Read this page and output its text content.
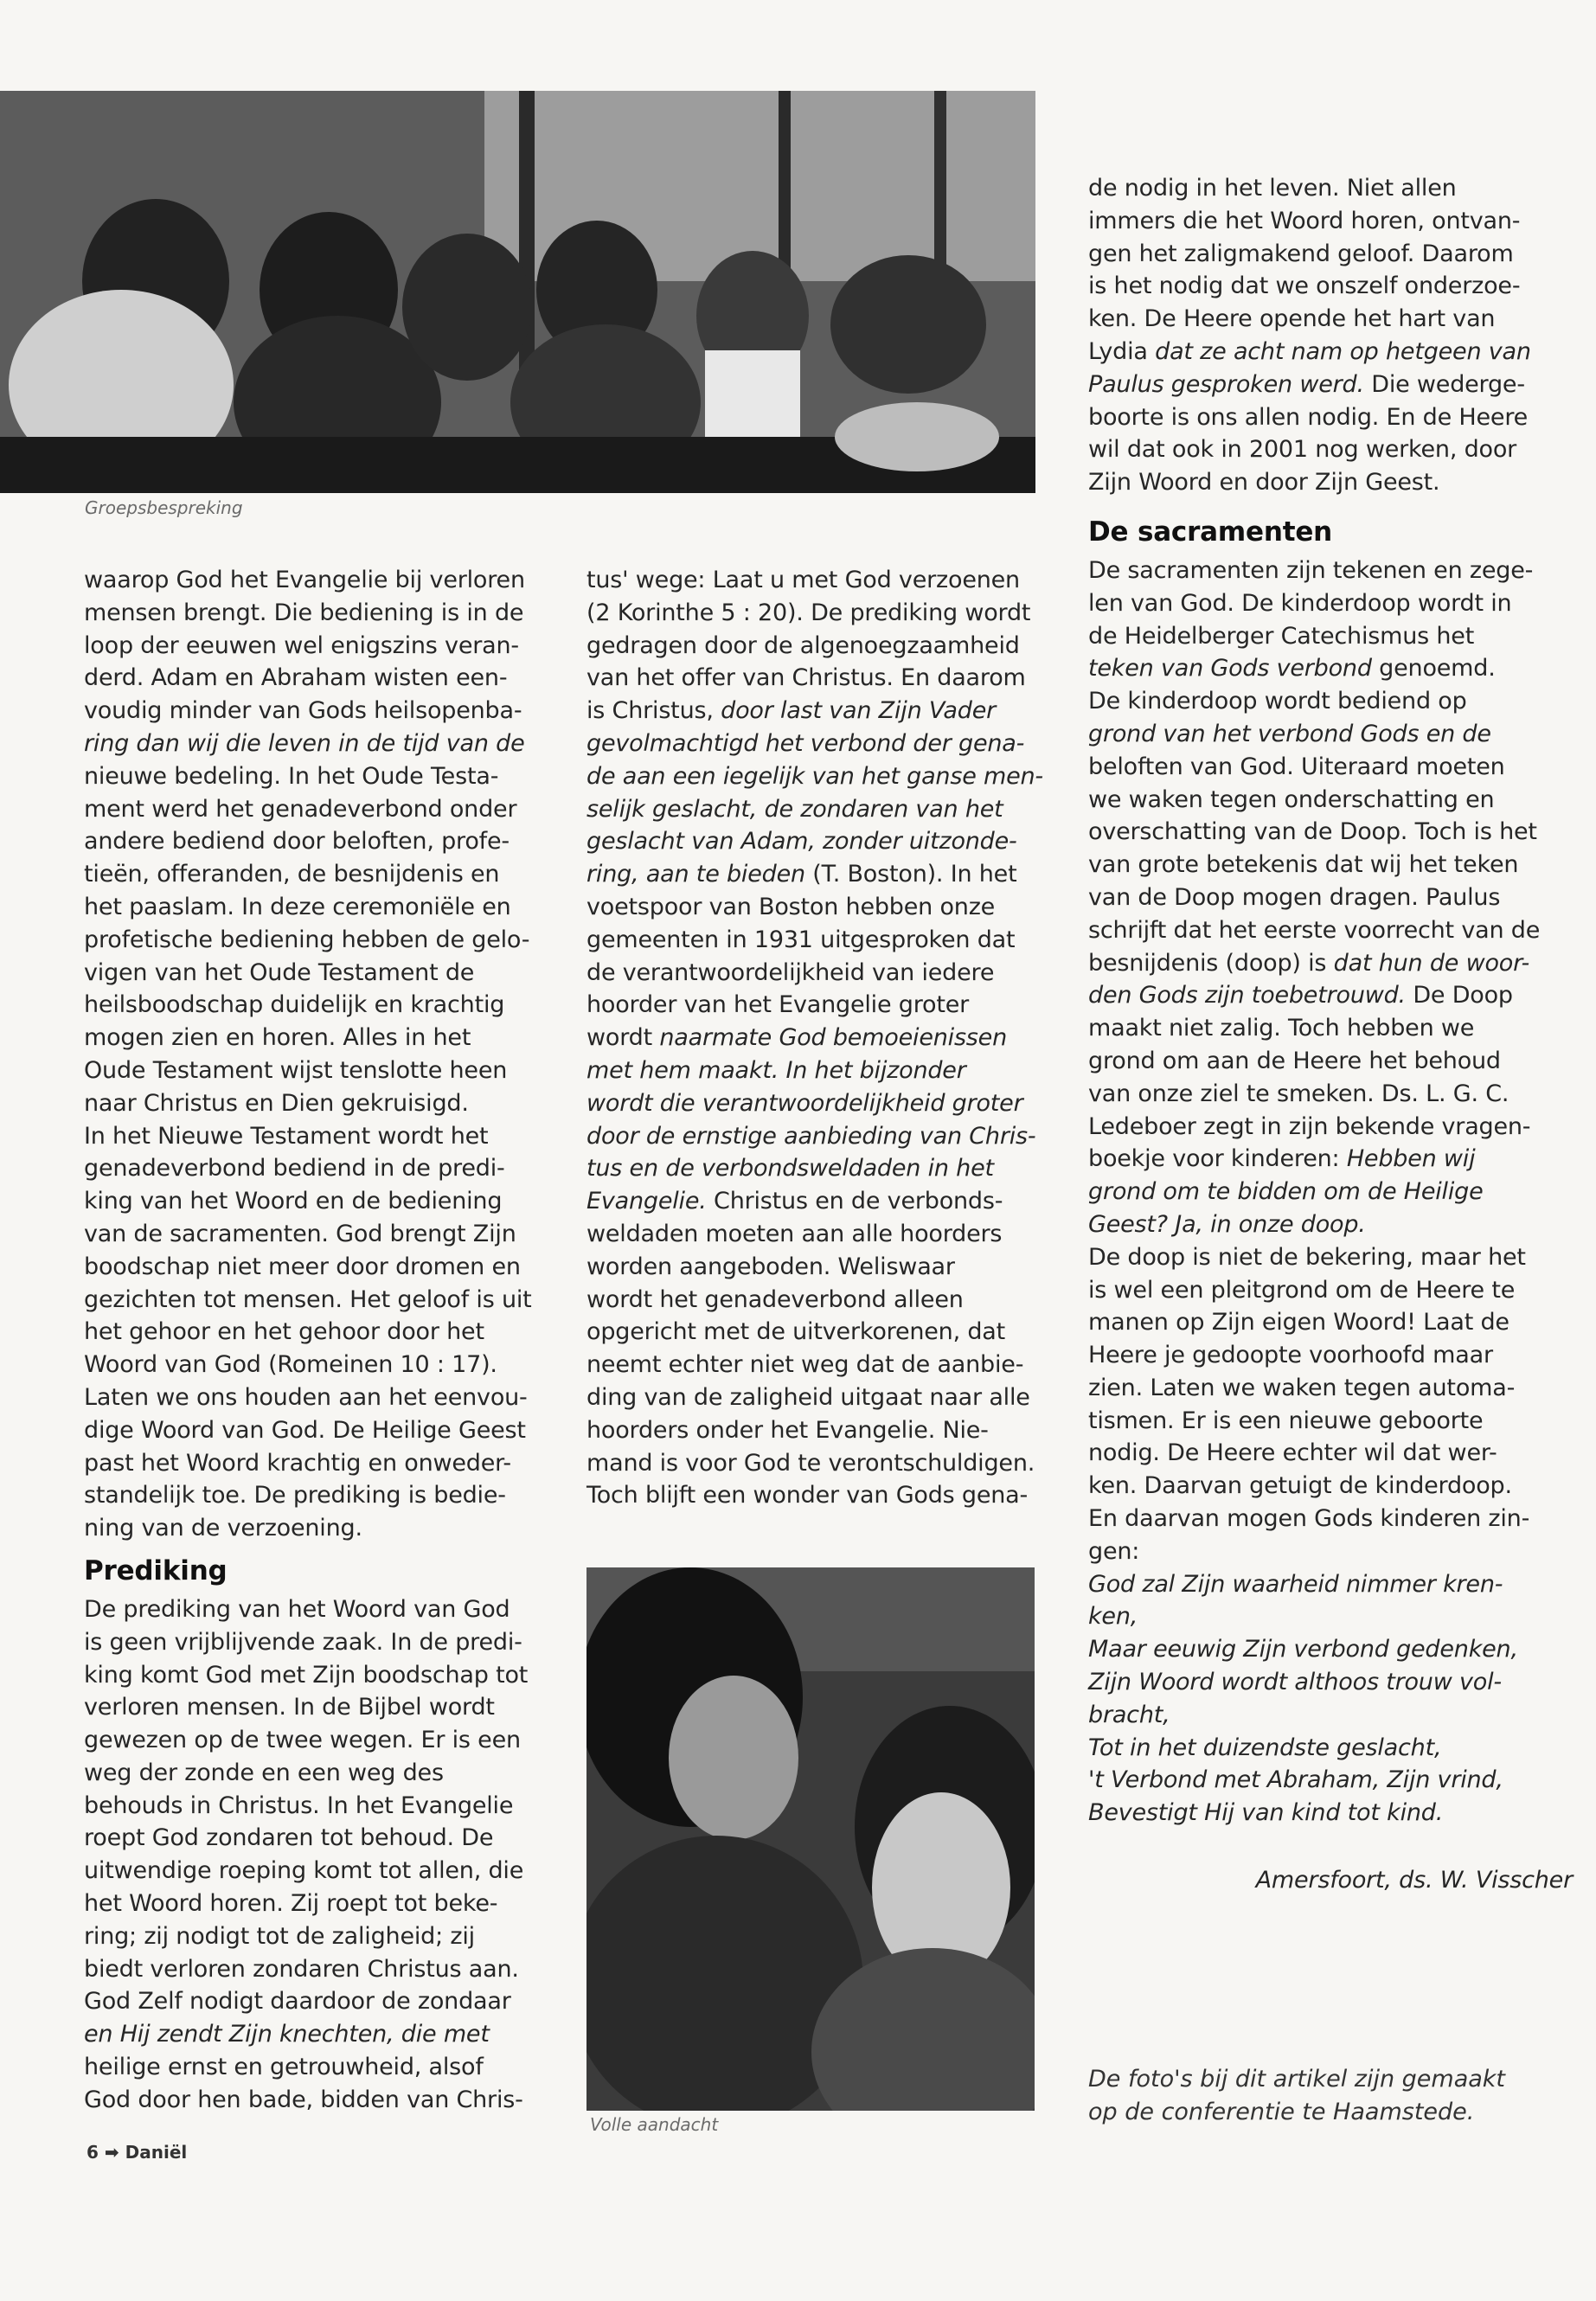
Groepsbespreking
Volle aandacht

waarop God het Evangelie bij verloren

mensen brengt. Die bediening is in de

loop der eeuwen wel enigszins veran-

derd. Adam en Abraham wisten een-

voudig minder van Gods heilsopenba-

ring dan wij die leven in de tijd van de

nieuwe bedeling. In het Oude Testa-

ment werd het genadeverbond onder

andere bediend door beloften, profe-

tieën, offeranden, de besnijdenis en

het paaslam. In deze ceremoniële en

profetische bediening hebben de gelo-

vigen van het Oude Testament de

heilsboodschap duidelijk en krachtig

mogen zien en horen. Alles in het

Oude Testament wijst tenslotte heen

naar Christus en Dien gekruisigd.

In het Nieuwe Testament wordt het

genadeverbond bediend in de predi-

king van het Woord en de bediening

van de sacramenten. God brengt Zijn

boodschap niet meer door dromen en

gezichten tot mensen. Het geloof is uit

het gehoor en het gehoor door het

Woord van God (Romeinen 10 : 17).

Laten we ons houden aan het eenvou-

dige Woord van God. De Heilige Geest

past het Woord krachtig en onweder-

standelijk toe. De prediking is bedie-

ning van de verzoening.

Prediking

De prediking van het Woord van God

is geen vrijblijvende zaak. In de predi-

king komt God met Zijn boodschap tot

verloren mensen. In de Bijbel wordt

gewezen op de twee wegen. Er is een

weg der zonde en een weg des

behouds in Christus. In het Evangelie

roept God zondaren tot behoud. De

uitwendige roeping komt tot allen, die

het Woord horen. Zij roept tot beke-

ring; zij nodigt tot de zaligheid; zij

biedt verloren zondaren Christus aan.

God Zelf nodigt daardoor de zondaar

en Hij zendt Zijn knechten, die met

heilige ernst en getrouwheid, alsof

God door hen bade, bidden van Chris-

tus' wege: Laat u met God verzoenen

(2 Korinthe 5 : 20). De prediking wordt

gedragen door de algenoegzaamheid

van het offer van Christus. En daarom

is Christus, door last van Zijn Vader

gevolmachtigd het verbond der gena-

de aan een iegelijk van het ganse men-

selijk geslacht, de zondaren van het

geslacht van Adam, zonder uitzonde-

ring, aan te bieden (T. Boston). In het

voetspoor van Boston hebben onze

gemeenten in 1931 uitgesproken dat

de verantwoordelijkheid van iedere

hoorder van het Evangelie groter

wordt naarmate God bemoeienissen

met hem maakt. In het bijzonder

wordt die verantwoordelijkheid groter

door de ernstige aanbieding van Chris-

tus en de verbondsweldaden in het

Evangelie. Christus en de verbonds-

weldaden moeten aan alle hoorders

worden aangeboden. Weliswaar

wordt het genadeverbond alleen

opgericht met de uitverkorenen, dat

neemt echter niet weg dat de aanbie-

ding van de zaligheid uitgaat naar alle

hoorders onder het Evangelie. Nie-

mand is voor God te verontschuldigen.

Toch blijft een wonder van Gods gena-

de nodig in het leven. Niet allen

immers die het Woord horen, ontvan-

gen het zaligmakend geloof. Daarom

is het nodig dat we onszelf onderzoe-

ken. De Heere opende het hart van

Lydia dat ze acht nam op hetgeen van

Paulus gesproken werd. Die wederge-

boorte is ons allen nodig. En de Heere

wil dat ook in 2001 nog werken, door

Zijn Woord en door Zijn Geest.

De sacramenten

De sacramenten zijn tekenen en zege-

len van God. De kinderdoop wordt in

de Heidelberger Catechismus het

teken van Gods verbond genoemd.

De kinderdoop wordt bediend op

grond van het verbond Gods en de

beloften van God. Uiteraard moeten

we waken tegen onderschatting en

overschatting van de Doop. Toch is het

van grote betekenis dat wij het teken

van de Doop mogen dragen. Paulus

schrijft dat het eerste voorrecht van de

besnijdenis (doop) is dat hun de woor-

den Gods zijn toebetrouwd. De Doop

maakt niet zalig. Toch hebben we

grond om aan de Heere het behoud

van onze ziel te smeken. Ds. L. G. C.

Ledeboer zegt in zijn bekende vragen-

boekje voor kinderen: Hebben wij

grond om te bidden om de Heilige

Geest? Ja, in onze doop.

De doop is niet de bekering, maar het

is wel een pleitgrond om de Heere te

manen op Zijn eigen Woord! Laat de

Heere je gedoopte voorhoofd maar

zien. Laten we waken tegen automa-

tismen. Er is een nieuwe geboorte

nodig. De Heere echter wil dat wer-

ken. Daarvan getuigt de kinderdoop.

En daarvan mogen Gods kinderen zin-

gen:

God zal Zijn waarheid nimmer kren-

ken,

Maar eeuwig Zijn verbond gedenken,

Zijn Woord wordt althoos trouw vol-

bracht,

Tot in het duizendste geslacht,

't Verbond met Abraham, Zijn vrind,

Bevestigt Hij van kind tot kind.

Amersfoort, ds. W. Visscher

De foto's bij dit artikel zijn gemaakt
op de conferentie te Haamstede.
6 ➡ Daniël
